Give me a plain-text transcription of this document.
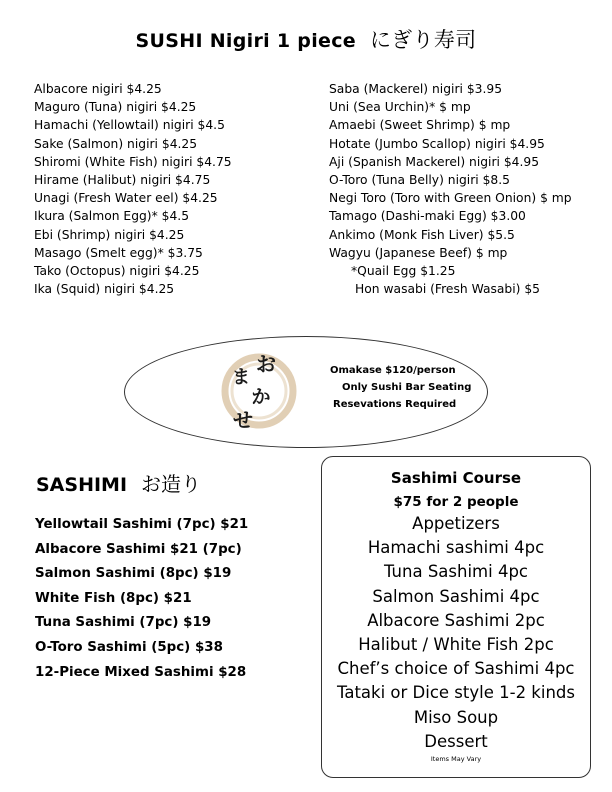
SUSHI Nigiri 1 piece にぎり寿司
Albacore nigiri $4.25
Maguro (Tuna) nigiri $4.25
Hamachi (Yellowtail) nigiri $4.5
Sake (Salmon) nigiri $4.25
Shiromi (White Fish) nigiri $4.75
Hirame (Halibut) nigiri $4.75
Unagi (Fresh Water eel) $4.25
Ikura (Salmon Egg)* $4.5
Ebi (Shrimp) nigiri $4.25
Masago (Smelt egg)* $3.75
Tako (Octopus) nigiri $4.25
Ika (Squid) nigiri $4.25
Saba (Mackerel) nigiri $3.95
Uni (Sea Urchin)* $ mp
Amaebi (Sweet Shrimp) $ mp
Hotate (Jumbo Scallop) nigiri $4.95
Aji (Spanish Mackerel) nigiri $4.95
O-Toro (Tuna Belly) nigiri $8.5
Negi Toro (Toro with Green Onion) $ mp
Tamago (Dashi-maki Egg) $3.00
Ankimo (Monk Fish Liver) $5.5
Wagyu (Japanese Beef) $ mp
*Quail Egg $1.25
Hon wasabi (Fresh Wasabi) $5
お
ま
か
せ
Omakase $120/person
Only Sushi Bar Seating
Resevations Required
SASHIMI お造り
Yellowtail Sashimi (7pc) $21
Albacore Sashimi $21 (7pc)
Salmon Sashimi (8pc) $19
White Fish (8pc) $21
Tuna Sashimi (7pc) $19
O-Toro Sashimi (5pc) $38
12-Piece Mixed Sashimi $28
Sashimi Course
$75 for 2 people
Appetizers
Hamachi sashimi 4pc
Tuna Sashimi 4pc
Salmon Sashimi 4pc
Albacore Sashimi 2pc
Halibut / White Fish 2pc
Chef’s choice of Sashimi 4pc
Tataki or Dice style 1-2 kinds
Miso Soup
Dessert
Items May Vary
